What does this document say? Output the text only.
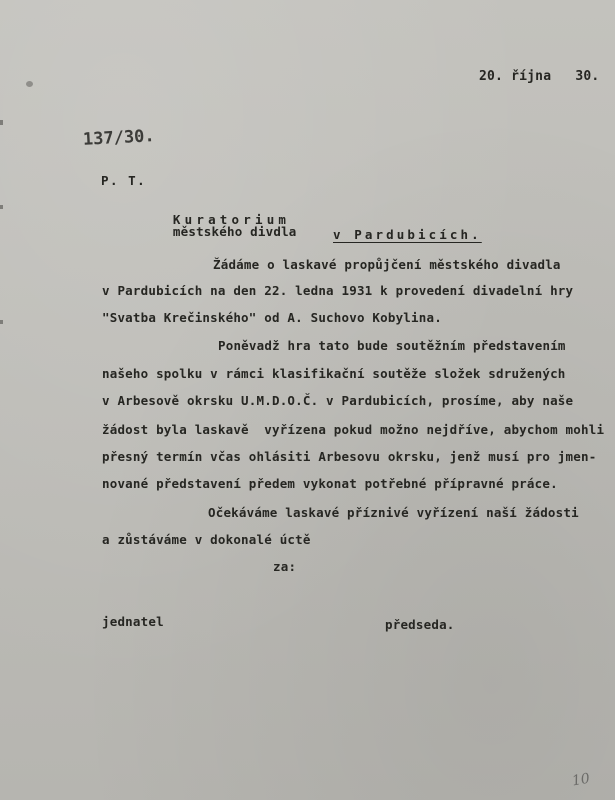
20. října   30.
137/30.
P. T.

Kuratorium
městského divdla
	v Pardubicích.
Žádáme o laskavé propůjčení městského divadla
v Pardubicích na den 22. ledna 1931 k provedení divadelní hry
"Svatba Krečinského" od A. Suchovo Kobylina.
Poněvadž hra tato bude soutěžním představením
našeho spolku v rámci klasifikační soutěže složek sdružených
v Arbesově okrsku U.M.D.O.Č. v Pardubicích, prosíme, aby naše
žádost byla laskavě  vyřízena pokud možno nejdříve, abychom mohli
přesný termín včas ohlásiti Arbesovu okrsku, jenž musí pro jmen-
nované představení předem vykonat potřebné přípravné práce.
Očekáváme laskavé příznivé vyřízení naší žádosti
a zůstáváme v dokonalé úctě
za:
jednatel	předseda.
10
